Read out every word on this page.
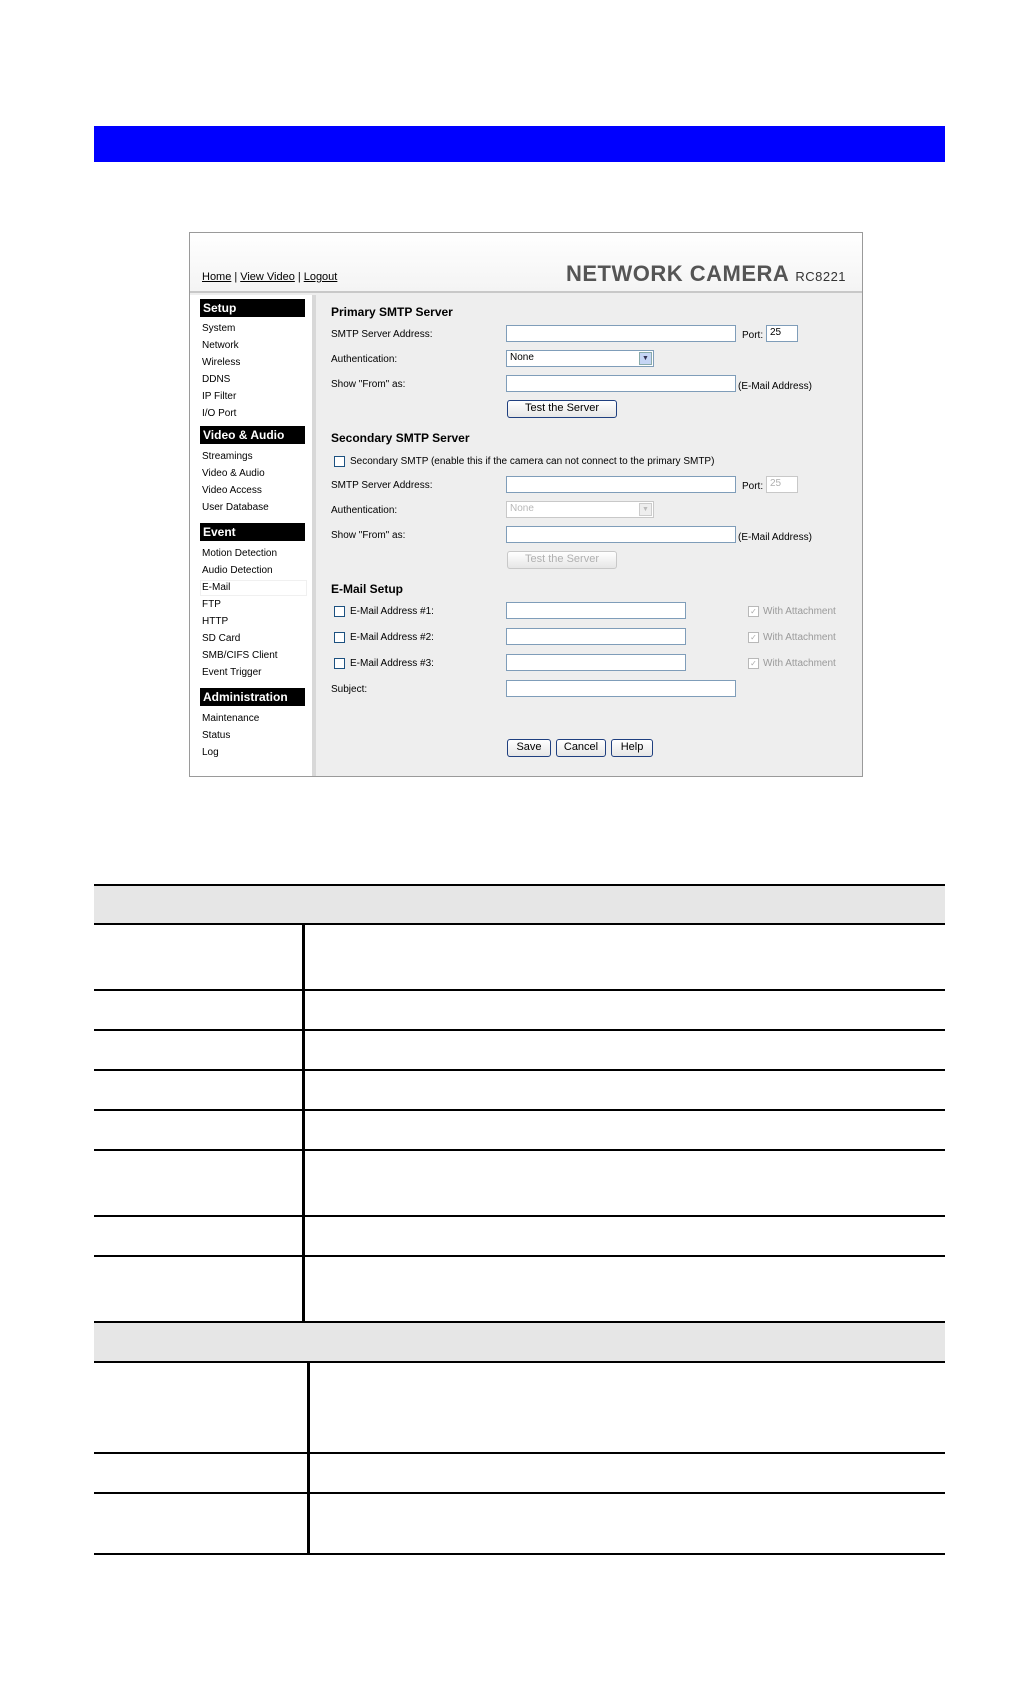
Home | View Video | Logout	NETWORK CAMERA RC8221
Setup
System
Network
Wireless
DDNS
IP Filter
I/O Port
Video & Audio
Streamings
Video & Audio
Video Access
User Database
Event
Motion Detection
Audio Detection
E-Mail
FTP
HTTP
SD Card
SMB/CIFS Client
Event Trigger
Administration
Maintenance
Status
Log
Primary SMTP Server
SMTP Server Address:	Port: 25
Authentication:	None	▼
Show "From" as:	(E-Mail Address)
Test the Server
Secondary SMTP Server
Secondary SMTP (enable this if the camera can not connect to the primary SMTP)
SMTP Server Address:	Port: 25
Authentication:	None	▼
Show "From" as:	(E-Mail Address)
Test the Server
E-Mail Setup
E-Mail Address #1:	✓ With Attachment
E-Mail Address #2:	✓ With Attachment
E-Mail Address #3:	✓ With Attachment
Subject:
Save	Cancel	Help
